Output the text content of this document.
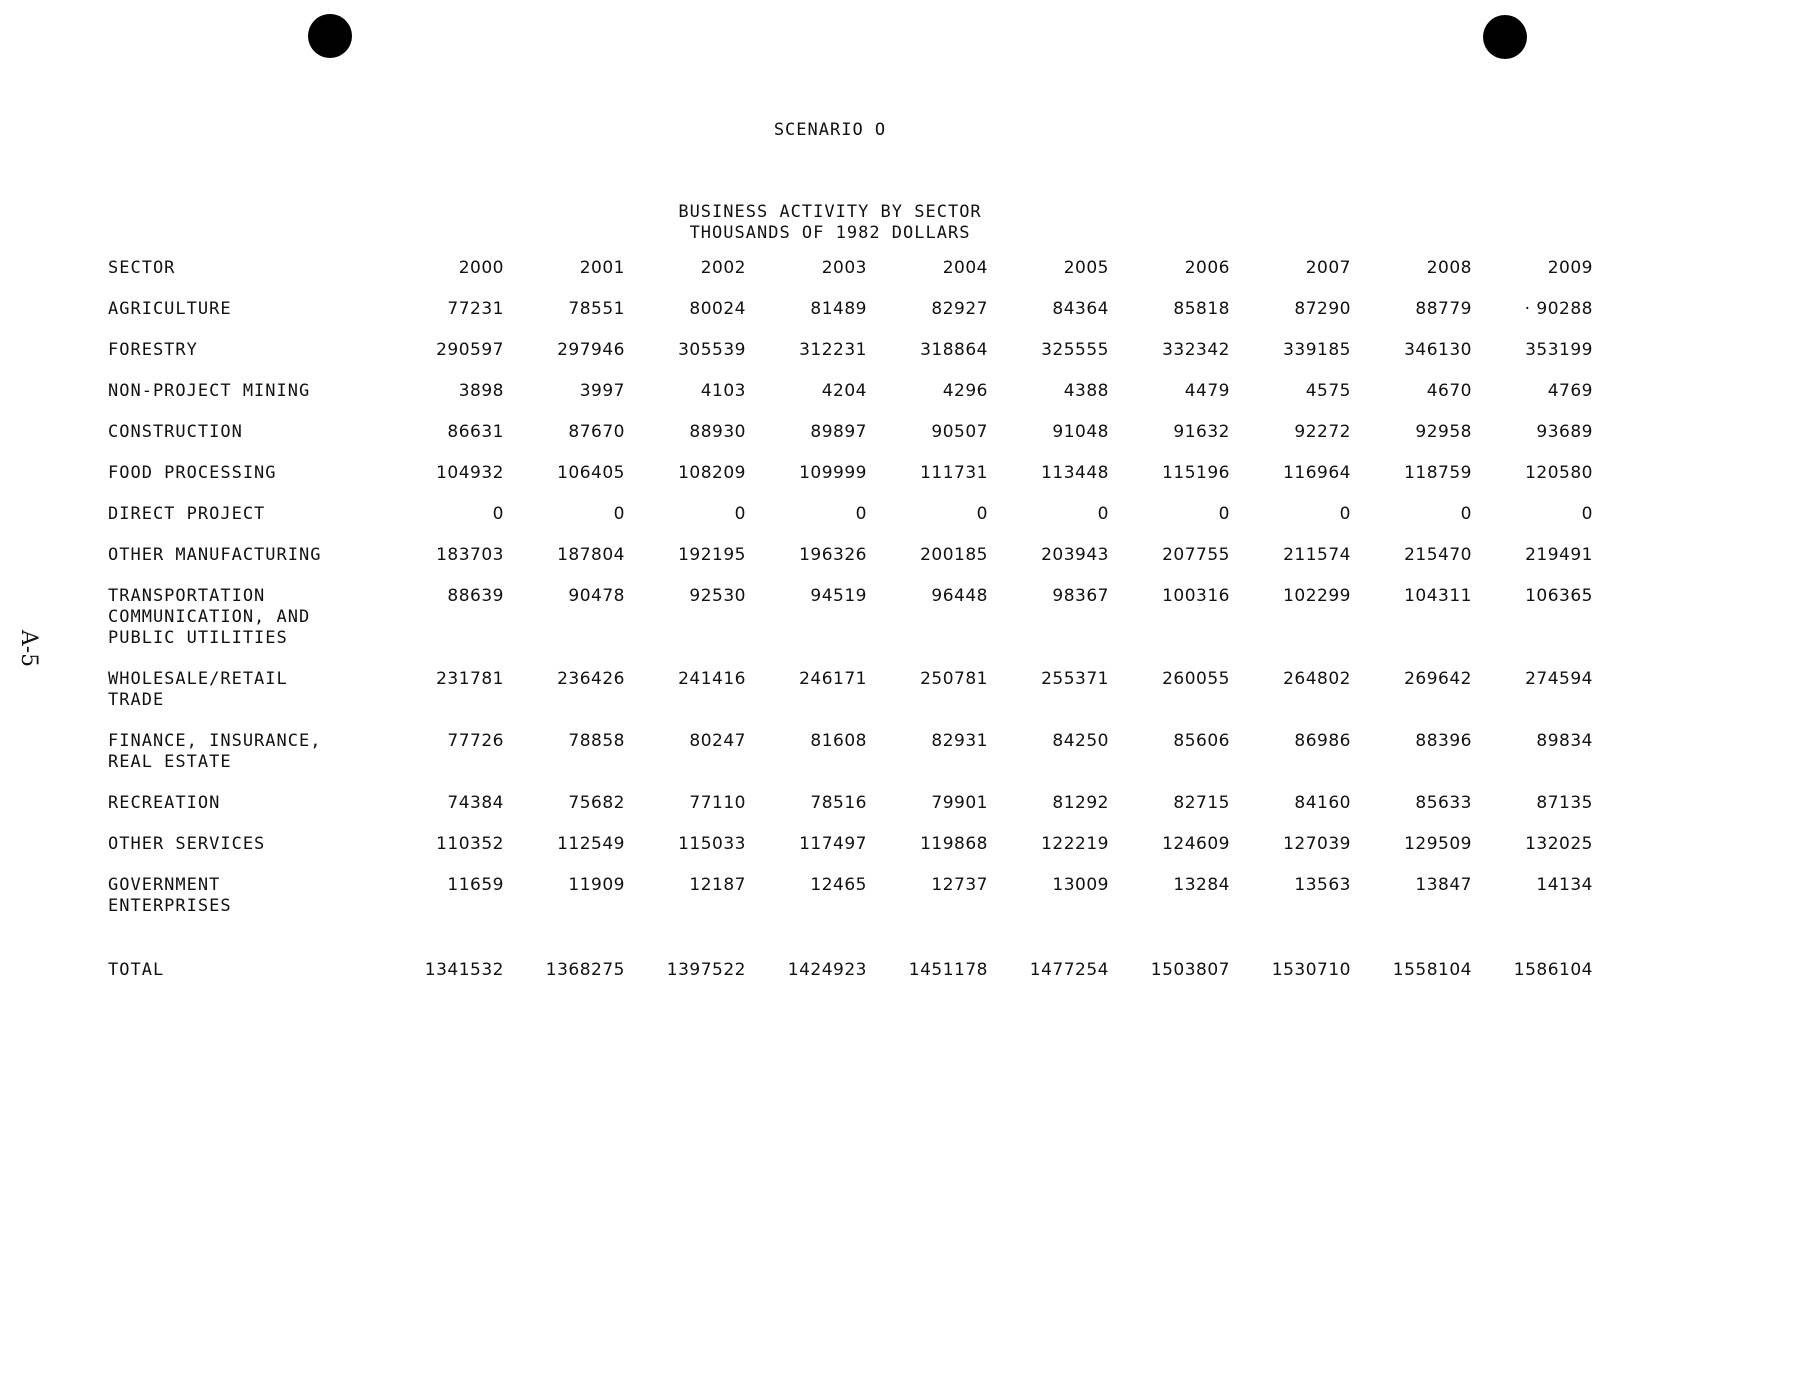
A-5
SCENARIO O
BUSINESS ACTIVITY BY SECTOR
THOUSANDS OF 1982 DOLLARS
SECTOR	2000	2001	2002	2003	2004	2005	2006	2007	2008	2009
AGRICULTURE	77231	78551	80024	81489	82927	84364	85818	87290	88779	· 90288
FORESTRY	290597	297946	305539	312231	318864	325555	332342	339185	346130	353199
NON-PROJECT MINING	3898	3997	4103	4204	4296	4388	4479	4575	4670	4769
CONSTRUCTION	86631	87670	88930	89897	90507	91048	91632	92272	92958	93689
FOOD PROCESSING	104932	106405	108209	109999	111731	113448	115196	116964	118759	120580
DIRECT PROJECT	0	0	0	0	0	0	0	0	0	0
OTHER MANUFACTURING	183703	187804	192195	196326	200185	203943	207755	211574	215470	219491
TRANSPORTATION
COMMUNICATION, AND
PUBLIC UTILITIES	88639	90478	92530	94519	96448	98367	100316	102299	104311	106365
WHOLESALE/RETAIL
TRADE	231781	236426	241416	246171	250781	255371	260055	264802	269642	274594
FINANCE, INSURANCE,
REAL ESTATE	77726	78858	80247	81608	82931	84250	85606	86986	88396	89834
RECREATION	74384	75682	77110	78516	79901	81292	82715	84160	85633	87135
OTHER SERVICES	110352	112549	115033	117497	119868	122219	124609	127039	129509	132025
GOVERNMENT
ENTERPRISES	11659	11909	12187	12465	12737	13009	13284	13563	13847	14134
TOTAL	1341532	1368275	1397522	1424923	1451178	1477254	1503807	1530710	1558104	1586104
